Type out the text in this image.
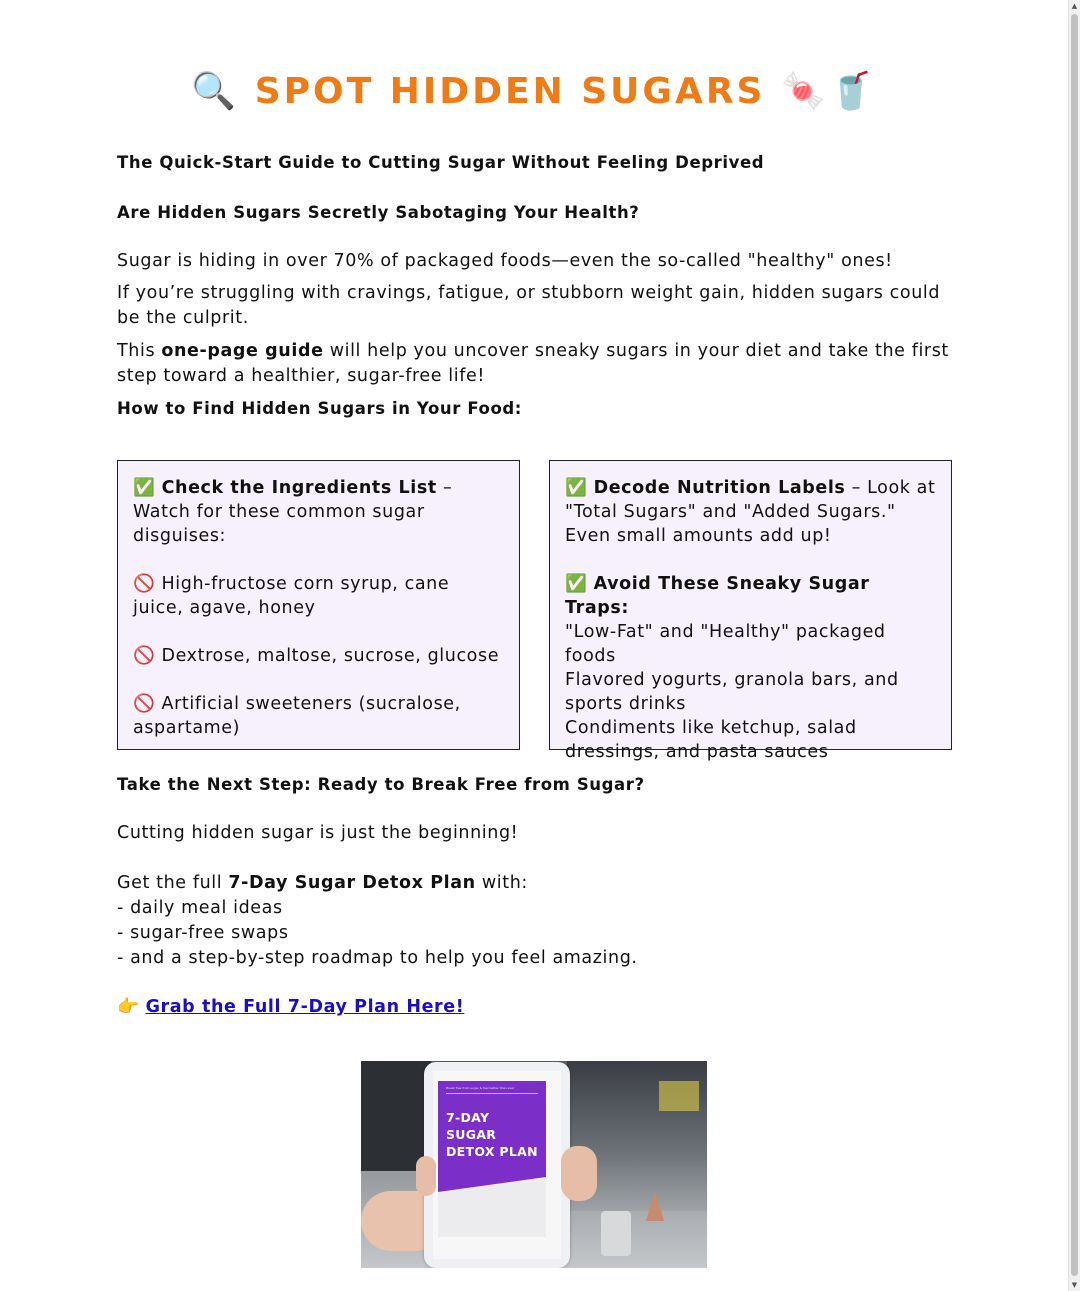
🔍 SPOT HIDDEN SUGARS 🍬🥤

The Quick-Start Guide to Cutting Sugar Without Feeling Deprived

Are Hidden Sugars Secretly Sabotaging Your Health?

Sugar is hiding in over 70% of packaged foods—even the so-called "healthy" ones!

If you’re struggling with cravings, fatigue, or stubborn weight gain, hidden sugars could be the culprit.

This one-page guide will help you uncover sneaky sugars in your diet and take the first step toward a healthier, sugar-free life!

How to Find Hidden Sugars in Your Food:

✅ Check the Ingredients List – Watch for these common sugar disguises:
🚫 High-fructose corn syrup, cane juice, agave, honey
🚫 Dextrose, maltose, sucrose, glucose
🚫 Artificial sweeteners (sucralose, aspartame)
✅ Decode Nutrition Labels – Look at "Total Sugars" and "Added Sugars." Even small amounts add up!
✅ Avoid These Sneaky Sugar Traps:
"Low-Fat" and "Healthy" packaged foods
Flavored yogurts, granola bars, and sports drinks
Condiments like ketchup, salad dressings, and pasta sauces

Take the Next Step: Ready to Break Free from Sugar?

Cutting hidden sugar is just the beginning!

Get the full 7-Day Sugar Detox Plan with:

- daily meal ideas

- sugar-free swaps

- and a step-by-step roadmap to help you feel amazing.

👉 Grab the Full 7-Day Plan Here!

Break free from sugar & feel better than ever
7-DAY SUGAR DETOX PLAN
▲
▼
